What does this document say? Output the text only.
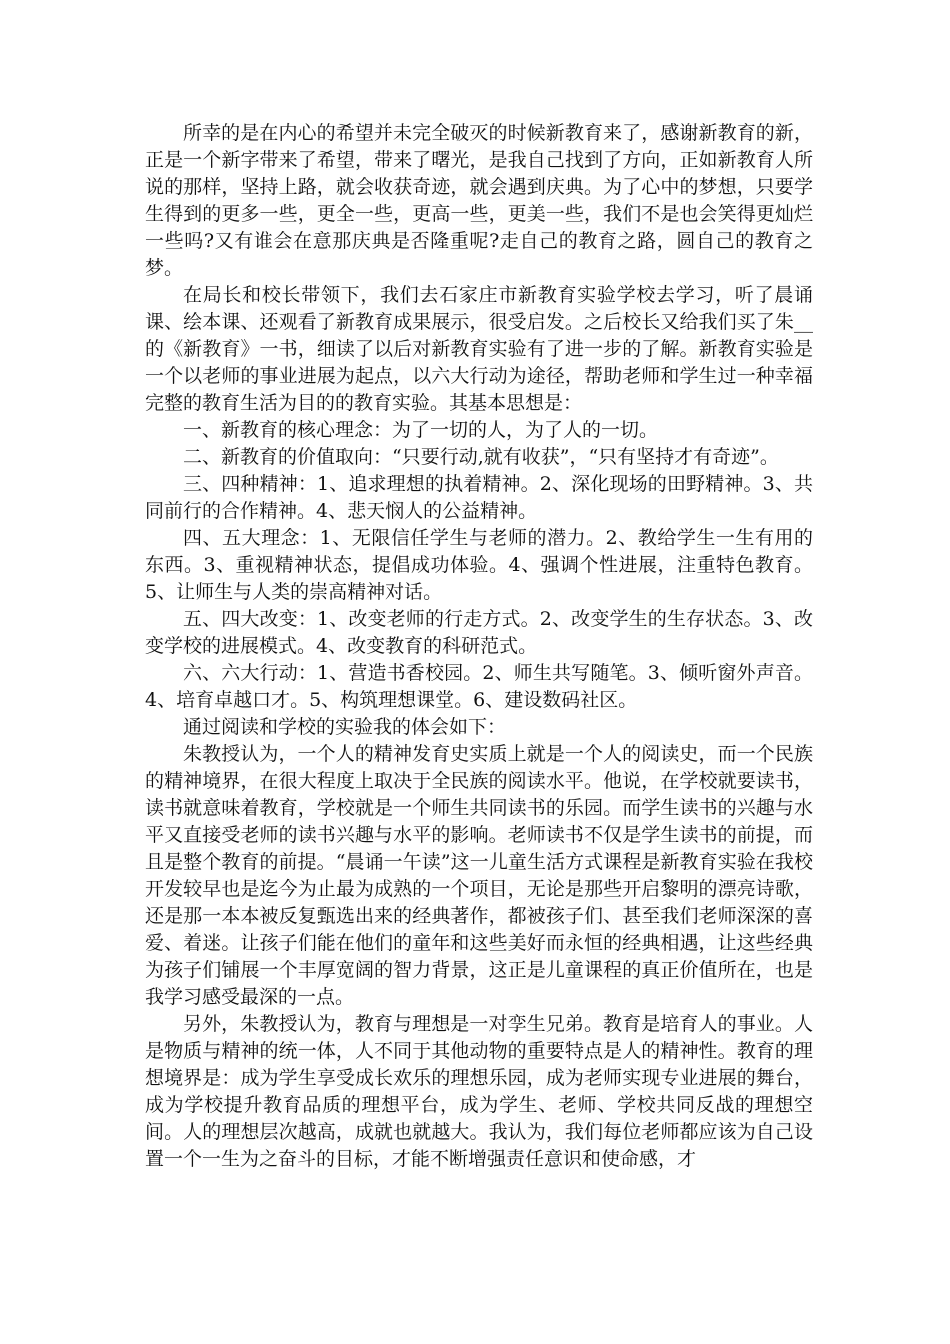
所幸的是在内心的希望并未完全破灭的时候新教育来了，感谢新教育的新，正是一个新字带来了希望，带来了曙光，是我自己找到了方向，正如新教育人所说的那样，坚持上路，就会收获奇迹，就会遇到庆典。为了心中的梦想，只要学生得到的更多一些，更全一些，更高一些，更美一些，我们不是也会笑得更灿烂一些吗?又有谁会在意那庆典是否隆重呢?走自己的教育之路，圆自己的教育之梦。

在局长和校长带领下，我们去石家庄市新教育实验学校去学习，听了晨诵课、绘本课、还观看了新教育成果展示，很受启发。之后校长又给我们买了朱__的《新教育》一书，细读了以后对新教育实验有了进一步的了解。新教育实验是一个以老师的事业进展为起点，以六大行动为途径，帮助老师和学生过一种幸福完整的教育生活为目的的教育实验。其基本思想是：

一、新教育的核心理念：为了一切的人，为了人的一切。

二、新教育的价值取向：“只要行动,就有收获”，“只有坚持才有奇迹”。

三、四种精神：1、追求理想的执着精神。2、深化现场的田野精神。3、共同前行的合作精神。4、悲天悯人的公益精神。

四、五大理念：1、无限信任学生与老师的潜力。2、教给学生一生有用的东西。3、重视精神状态，提倡成功体验。4、强调个性进展，注重特色教育。5、让师生与人类的崇高精神对话。

五、四大改变：1、改变老师的行走方式。2、改变学生的生存状态。3、改变学校的进展模式。4、改变教育的科研范式。

六、六大行动：1、营造书香校园。2、师生共写随笔。3、倾听窗外声音。4、培育卓越口才。5、构筑理想课堂。6、建设数码社区。

通过阅读和学校的实验我的体会如下：

朱教授认为，一个人的精神发育史实质上就是一个人的阅读史，而一个民族的精神境界，在很大程度上取决于全民族的阅读水平。他说，在学校就要读书，读书就意味着教育，学校就是一个师生共同读书的乐园。而学生读书的兴趣与水平又直接受老师的读书兴趣与水平的影响。老师读书不仅是学生读书的前提，而且是整个教育的前提。“晨诵一午读”这一儿童生活方式课程是新教育实验在我校开发较早也是迄今为止最为成熟的一个项目，无论是那些开启黎明的漂亮诗歌，还是那一本本被反复甄选出来的经典著作，都被孩子们、甚至我们老师深深的喜爱、着迷。让孩子们能在他们的童年和这些美好而永恒的经典相遇，让这些经典为孩子们铺展一个丰厚宽阔的智力背景，这正是儿童课程的真正价值所在，也是我学习感受最深的一点。

另外，朱教授认为，教育与理想是一对孪生兄弟。教育是培育人的事业。人是物质与精神的统一体，人不同于其他动物的重要特点是人的精神性。教育的理想境界是：成为学生享受成长欢乐的理想乐园，成为老师实现专业进展的舞台，成为学校提升教育品质的理想平台，成为学生、老师、学校共同反战的理想空间。人的理想层次越高，成就也就越大。我认为，我们每位老师都应该为自己设置一个一生为之奋斗的目标，才能不断增强责任意识和使命感，才
